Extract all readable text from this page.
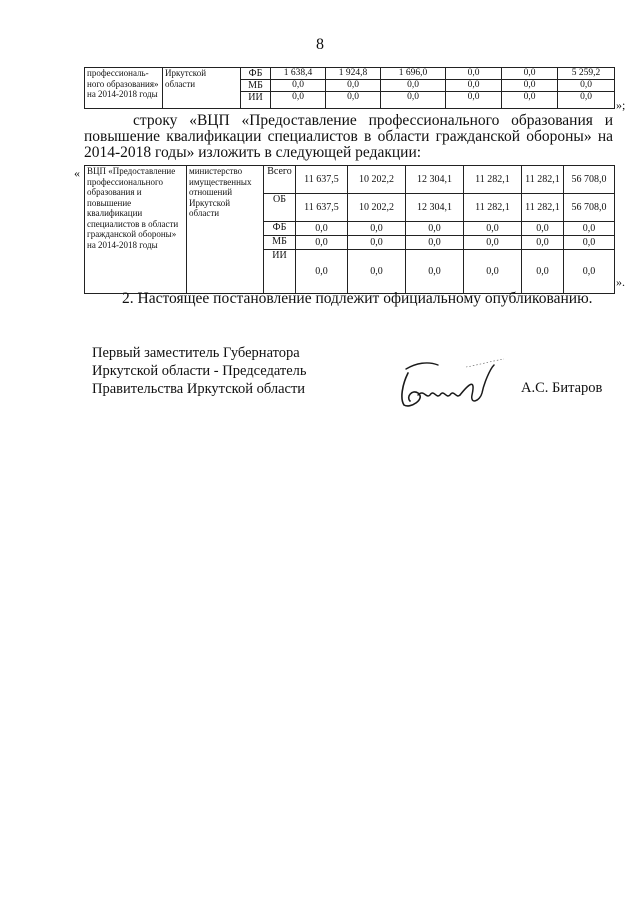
8
профессиональ-ного образования» на 2014-2018 годы	Иркутской области	ФБ	1 638,4	1 924,8	1 696,0	0,0	0,0	5 259,2
		МБ	0,0	0,0	0,0	0,0	0,0	0,0
		ИИ	0,0	0,0	0,0	0,0	0,0	0,0
»;
строку «ВЦП «Предоставление профессионального образования и
повышение квалификации специалистов в области гражданской обороны» на
2014-2018 годы» изложить в следующей редакции:
« ВЦП «Предоставление профессионального образования и повышение квалификации специалистов в области гражданской обороны» на 2014-2018 годы	министерство имущественных отношений Иркутской области	Всего	11 637,5	10 202,2	12 304,1	11 282,1	11 282,1	56 708,0
		ОБ	11 637,5	10 202,2	12 304,1	11 282,1	11 282,1	56 708,0
		ФБ	0,0	0,0	0,0	0,0	0,0	0,0
		МБ	0,0	0,0	0,0	0,0	0,0	0,0
		ИИ	0,0	0,0	0,0	0,0	0,0	0,0
».
2. Настоящее постановление подлежит официальному опубликованию.
Первый заместитель Губернатора
Иркутской области - Председатель
Правительства Иркутской области	А.С. Битаров
